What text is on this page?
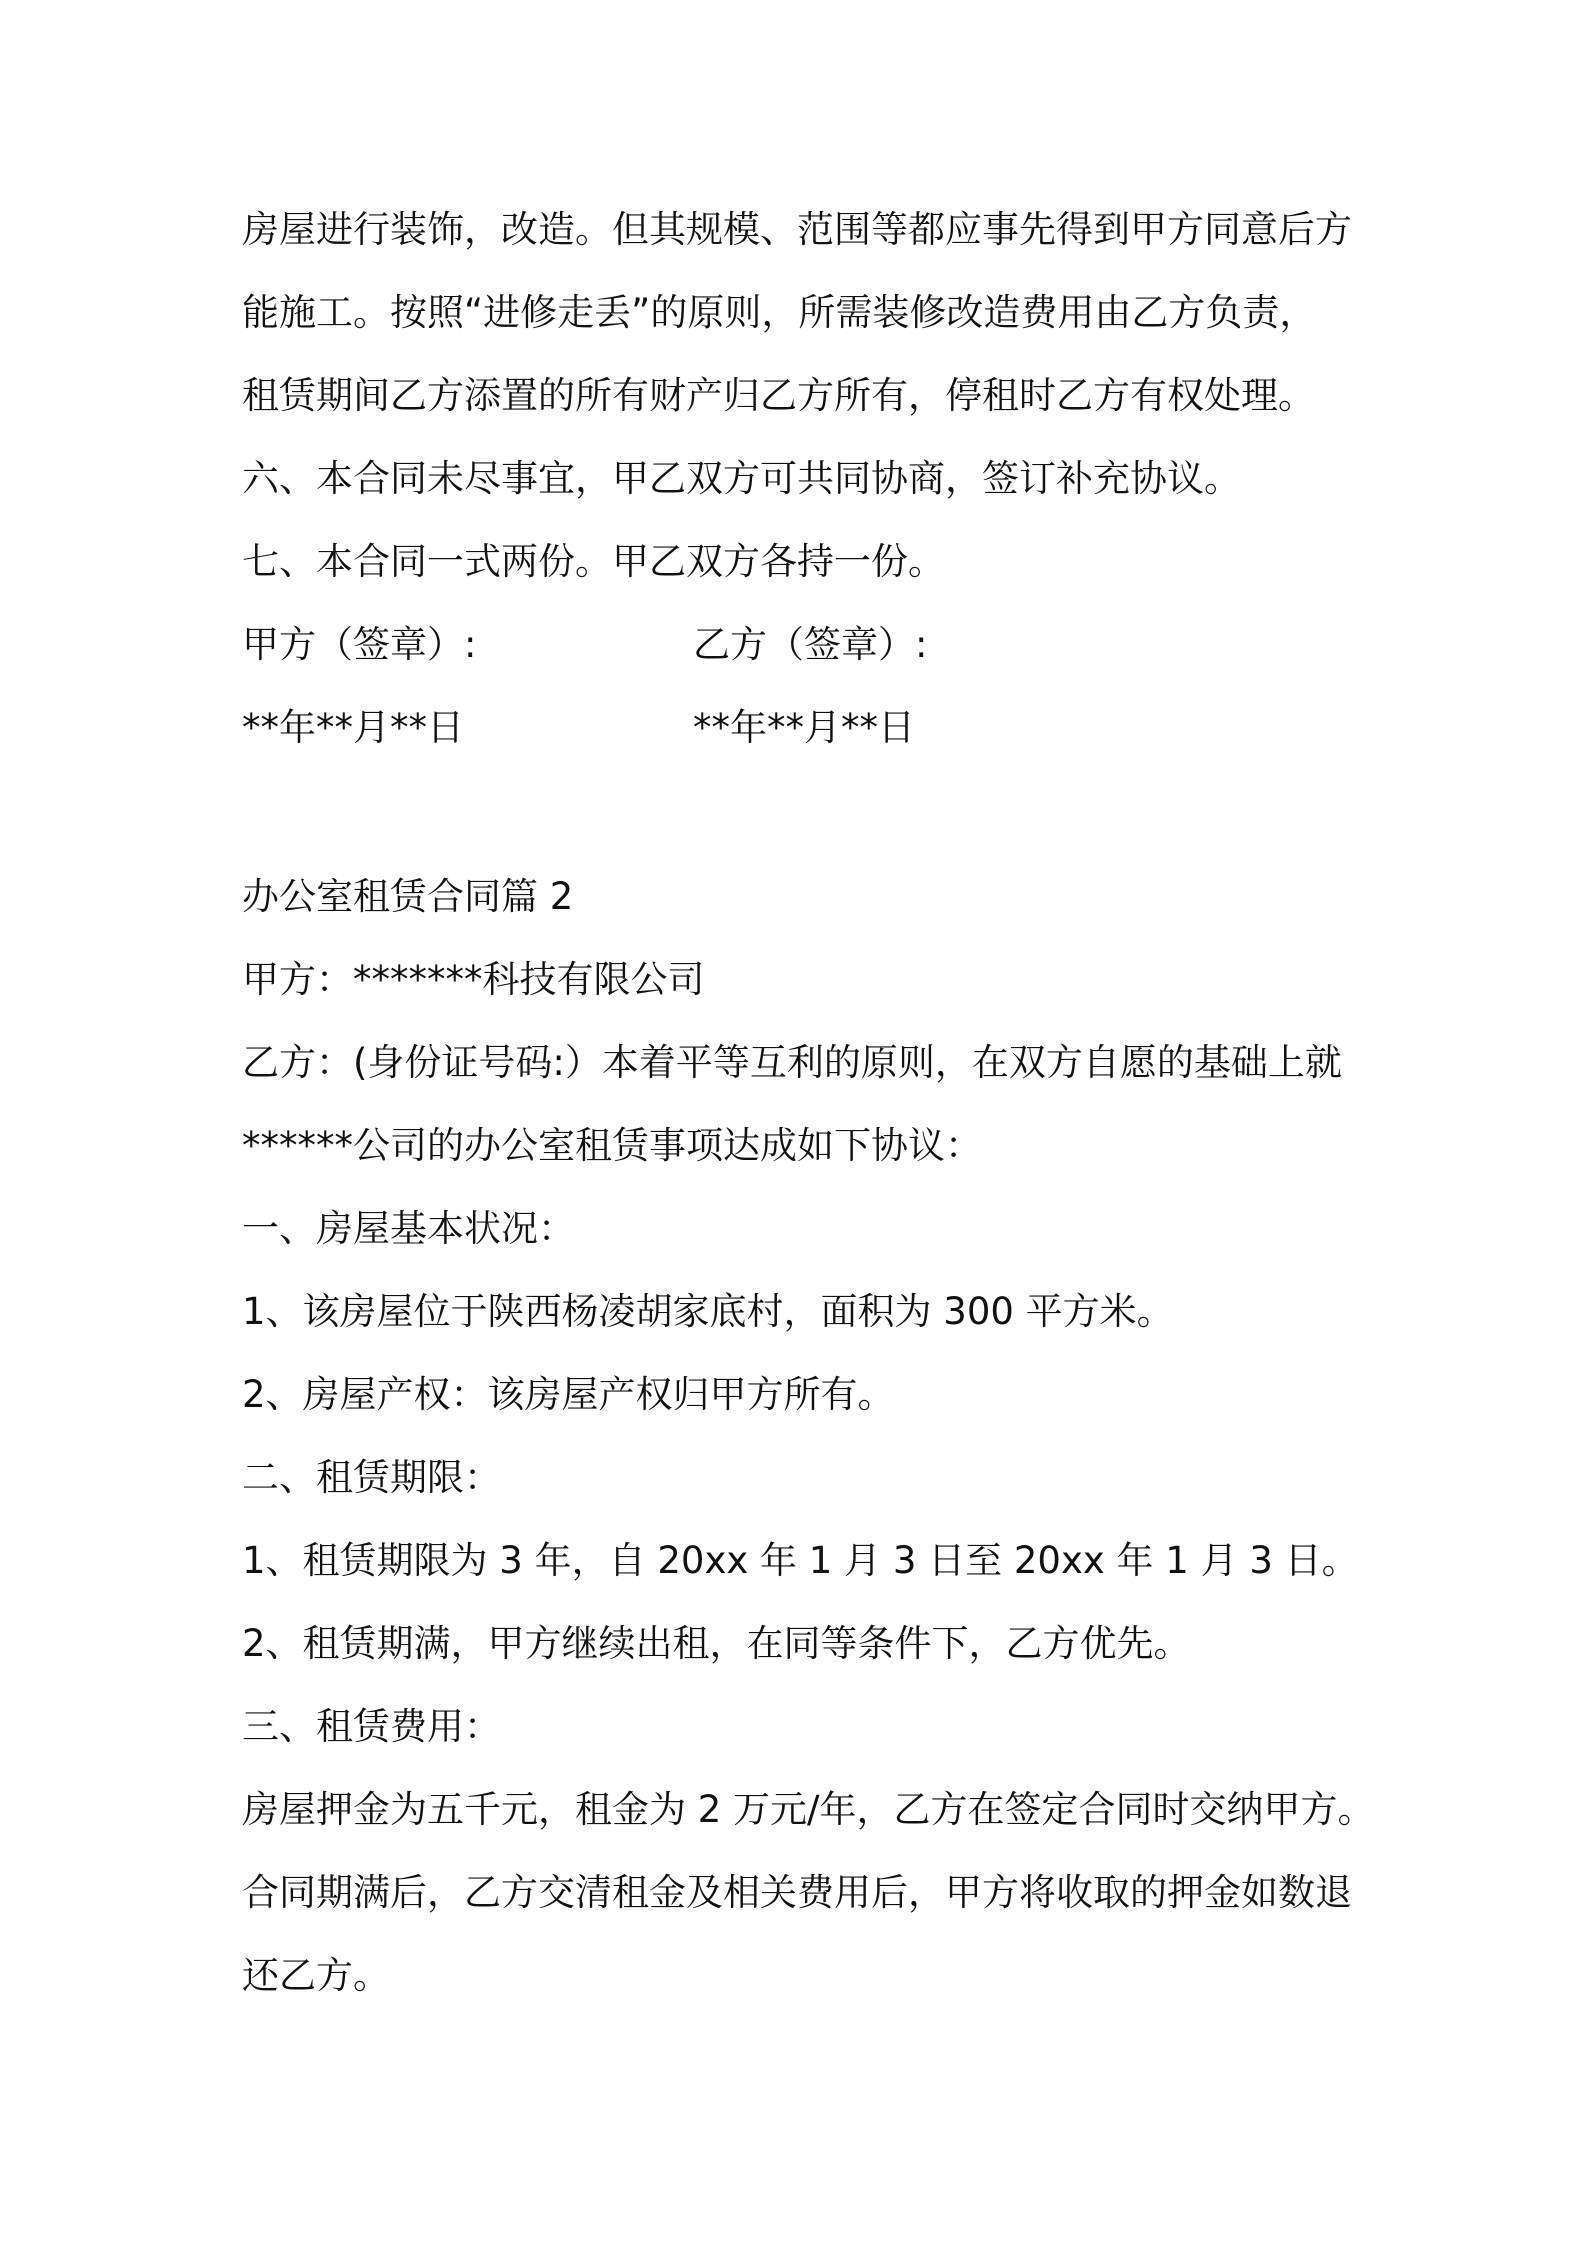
房屋进行装饰，改造。但其规模、范围等都应事先得到甲方同意后方
能施工。按照“进修走丢”的原则，所需装修改造费用由乙方负责，
租赁期间乙方添置的所有财产归乙方所有，停租时乙方有权处理。
六、本合同未尽事宜，甲乙双方可共同协商，签订补充协议。
七、本合同一式两份。甲乙双方各持一份。
甲方（签章）:	乙方（签章）:
**年**月**日	**年**月**日
办公室租赁合同篇 2
甲方：*******科技有限公司
乙方：(身份证号码:）本着平等互利的原则，在双方自愿的基础上就
******公司的办公室租赁事项达成如下协议：
一、房屋基本状况：
1、该房屋位于陕西杨凌胡家底村，面积为 300 平方米。
2、房屋产权：该房屋产权归甲方所有。
二、租赁期限：
1、租赁期限为 3 年，自 20xx 年 1 月 3 日至 20xx 年 1 月 3 日。
2、租赁期满，甲方继续出租，在同等条件下，乙方优先。
三、租赁费用：
房屋押金为五千元，租金为 2 万元/年，乙方在签定合同时交纳甲方。
合同期满后，乙方交清租金及相关费用后，甲方将收取的押金如数退
还乙方。
